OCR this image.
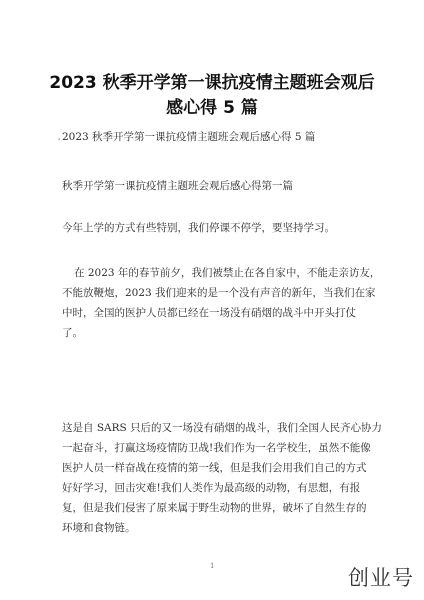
2023 秋季开学第一课抗疫情主题班会观后
感心得 5 篇
' 2023 秋季开学第一课抗疫情主题班会观后感心得 5 篇

秋季开学第一课抗疫情主题班会观后感心得第一篇

今年上学的方式有些特别，我们停课不停学，要坚持学习。

在 2023 年的春节前夕，我们被禁止在各自家中，不能走亲访友，
不能放鞭炮，2023 我们迎来的是一个没有声音的新年，当我们在家
中时，全国的医护人员都已经在一场没有硝烟的战斗中开头打仗
了。

这是自 SARS 只后的又一场没有硝烟的战斗，我们全国人民齐心协力
一起奋斗，打赢这场疫情防卫战!我们作为一名学校生，虽然不能像
医护人员一样奋战在疫情的第一线，但是我们会用我们自己的方式
好好学习，回击灾难!我们人类作为最高级的动物，有思想，有报
复，但是我们侵害了原来属于野生动物的世界，破坏了自然生存的
环境和食物链。

1	创业号
